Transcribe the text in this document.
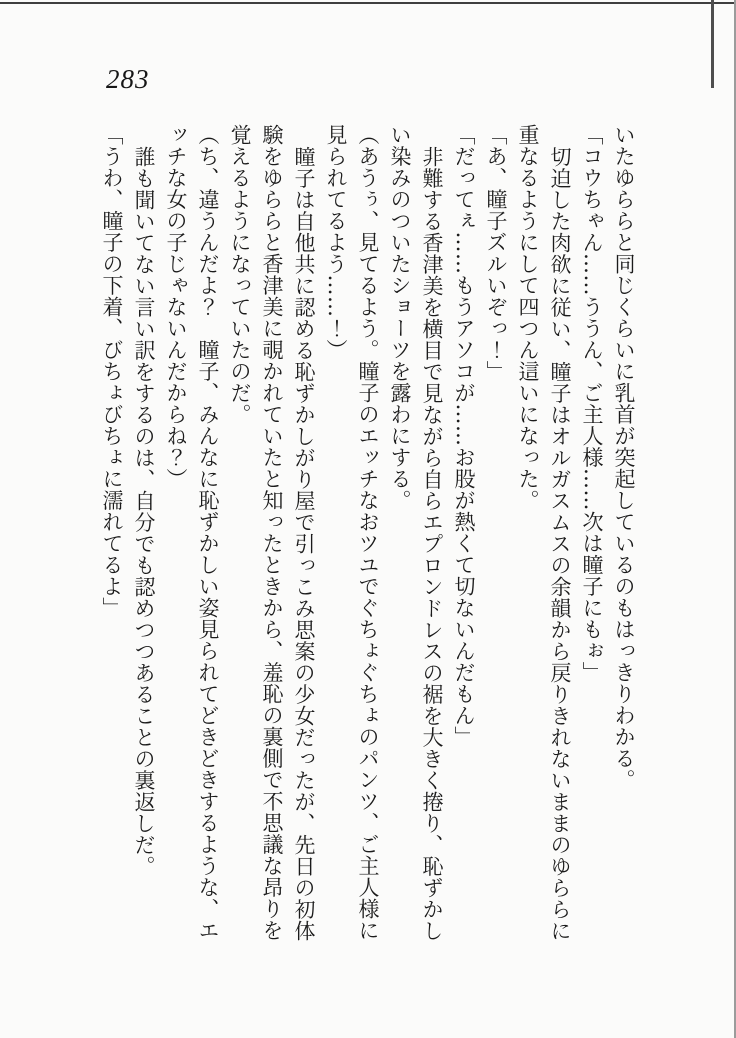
283

いたゆららと同じくらいに乳首が突起しているのもはっきりわかる。

「コウちゃん……ううん、ご主人様……次は瞳子にもぉ」

切迫した肉欲に従い、瞳子はオルガスムスの余韻から戻りきれないままのゆららに

重なるようにして四つん這いになった。

「あ、瞳子ズルいぞっ！」

「だってぇ……もうアソコが……お股が熱くて切ないんだもん」

非難する香津美を横目で見ながら自らエプロンドレスの裾を大きく捲り、恥ずかし

い染みのついたショーツを露わにする。

（あうぅ、見てるよう。瞳子のエッチなおツユでぐちょぐちょのパンツ、ご主人様に

見られてるよう……！）

瞳子は自他共に認める恥ずかしがり屋で引っこみ思案の少女だったが、先日の初体

験をゆららと香津美に覗かれていたと知ったときから、羞恥の裏側で不思議な昂りを

覚えるようになっていたのだ。

（ち、違うんだよ？　瞳子、みんなに恥ずかしい姿見られてどきどきするような、エ

ッチな女の子じゃないんだからね？）

誰も聞いてない言い訳をするのは、自分でも認めつつあることの裏返しだ。

「うわ、瞳子の下着、びちょびちょに濡れてるよ」
